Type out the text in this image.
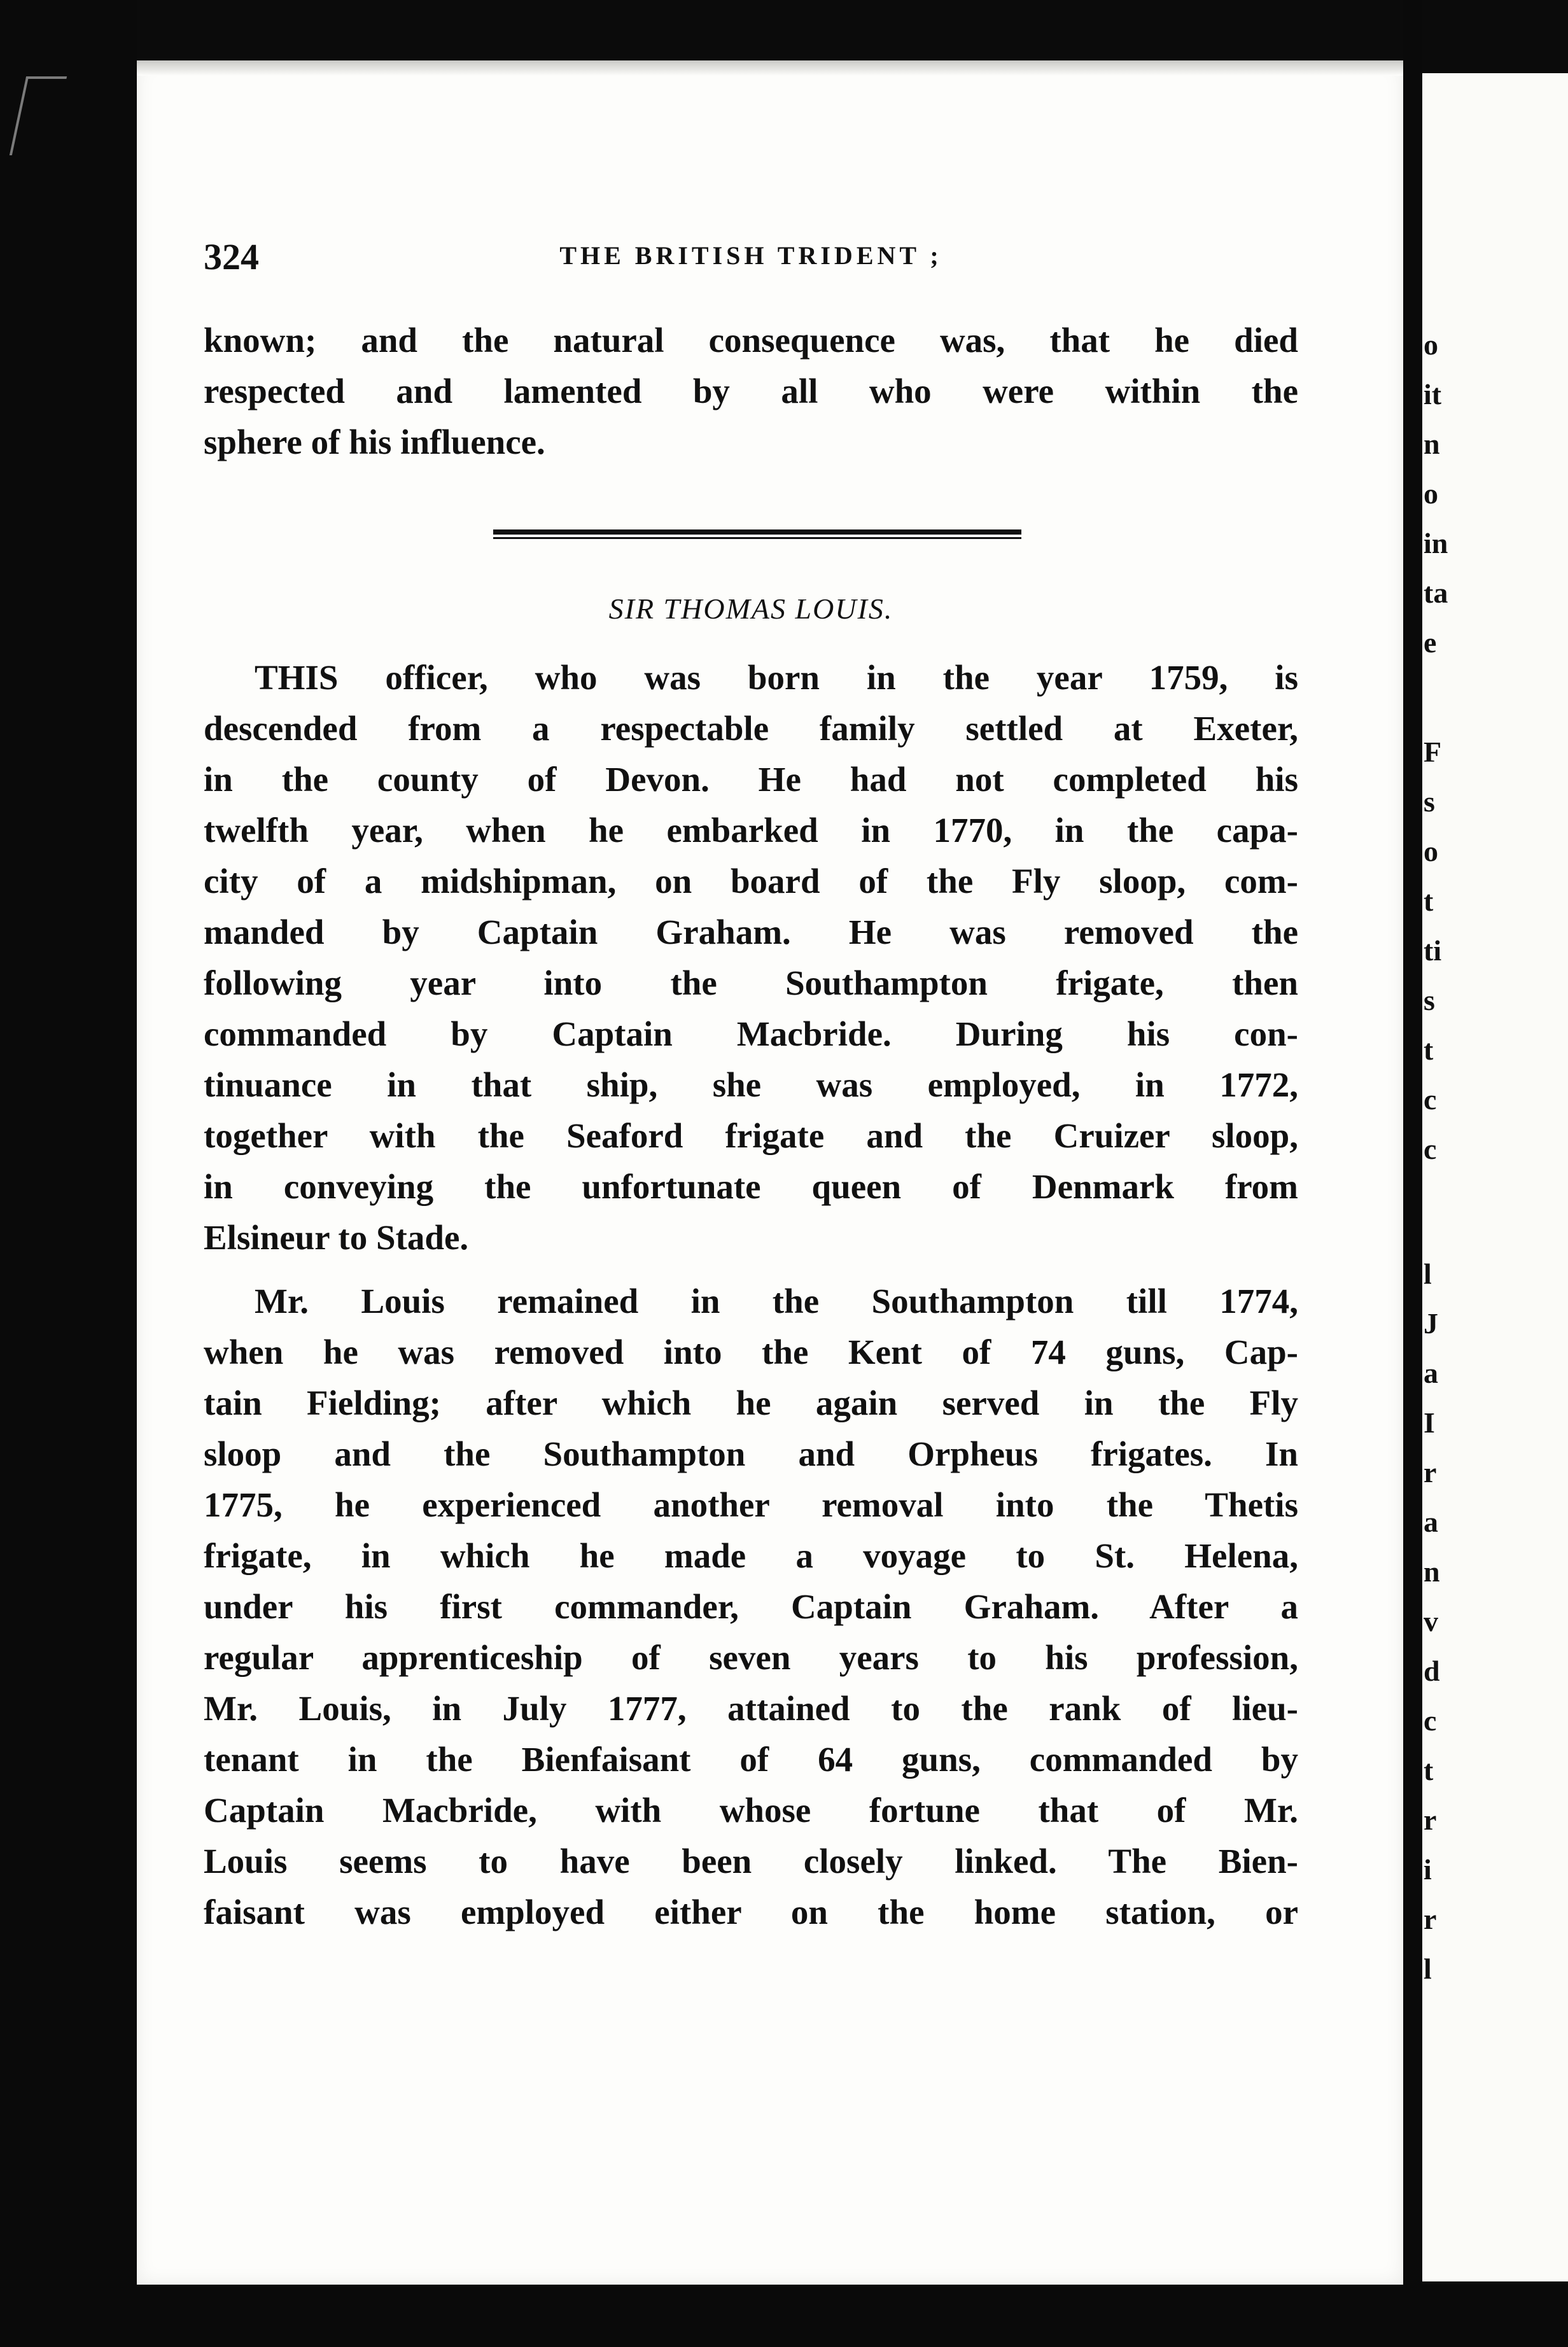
o
it
n
o
in
ta
e
F
s
o
t
ti
s
t
c
c
l
J
a
I
r
a
n
v
d
c
t
r
i
r
l
324	THE BRITISH TRIDENT ;
known; and the natural consequence was, that he died
respected and lamented by all who were within the
sphere of his influence.
SIR THOMAS LOUIS.
THIS officer, who was born in the year 1759, is
descended from a respectable family settled at Exeter,
in the county of Devon. He had not completed his
twelfth year, when he embarked in 1770, in the capa-
city of a midshipman, on board of the Fly sloop, com-
manded by Captain Graham. He was removed the
following year into the Southampton frigate, then
commanded by Captain Macbride. During his con-
tinuance in that ship, she was employed, in 1772,
together with the Seaford frigate and the Cruizer sloop,
in conveying the unfortunate queen of Denmark from
Elsineur to Stade.
Mr. Louis remained in the Southampton till 1774,
when he was removed into the Kent of 74 guns, Cap-
tain Fielding; after which he again served in the Fly
sloop and the Southampton and Orpheus frigates. In
1775, he experienced another removal into the Thetis
frigate, in which he made a voyage to St. Helena,
under his first commander, Captain Graham. After a
regular apprenticeship of seven years to his profession,
Mr. Louis, in July 1777, attained to the rank of lieu-
tenant in the Bienfaisant of 64 guns, commanded by
Captain Macbride, with whose fortune that of Mr.
Louis seems to have been closely linked. The Bien-
faisant was employed either on the home station, or
